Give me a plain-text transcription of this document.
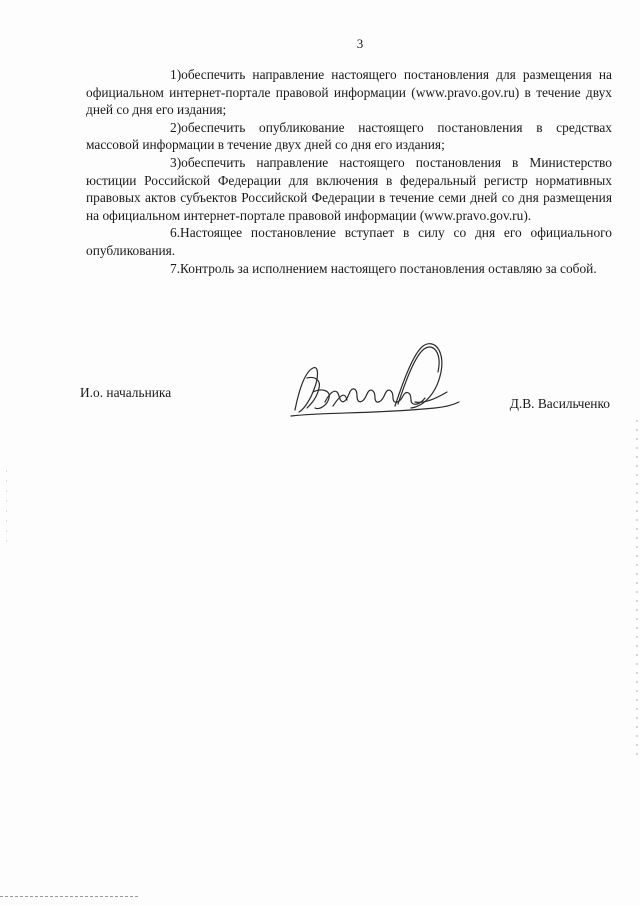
3

1)обеспечить направление настоящего постановления для размещения на официальном интернет-портале правовой информации (www.pravo.gov.ru) в течение двух дней со дня его издания;

2)обеспечить опубликование настоящего постановления в средствах массовой информации в течение двух дней со дня его издания;

3)обеспечить направление настоящего постановления в Министерство юстиции Российской Федерации для включения в федеральный регистр нормативных правовых актов субъектов Российской Федерации в течение семи дней со дня размещения на официальном интернет-портале правовой информации (www.pravo.gov.ru).

6.Настоящее постановление вступает в силу со дня его официального опубликования.

7.Контроль за исполнением настоящего постановления оставляю за собой.

И.о. начальника
Д.В. Васильченко
